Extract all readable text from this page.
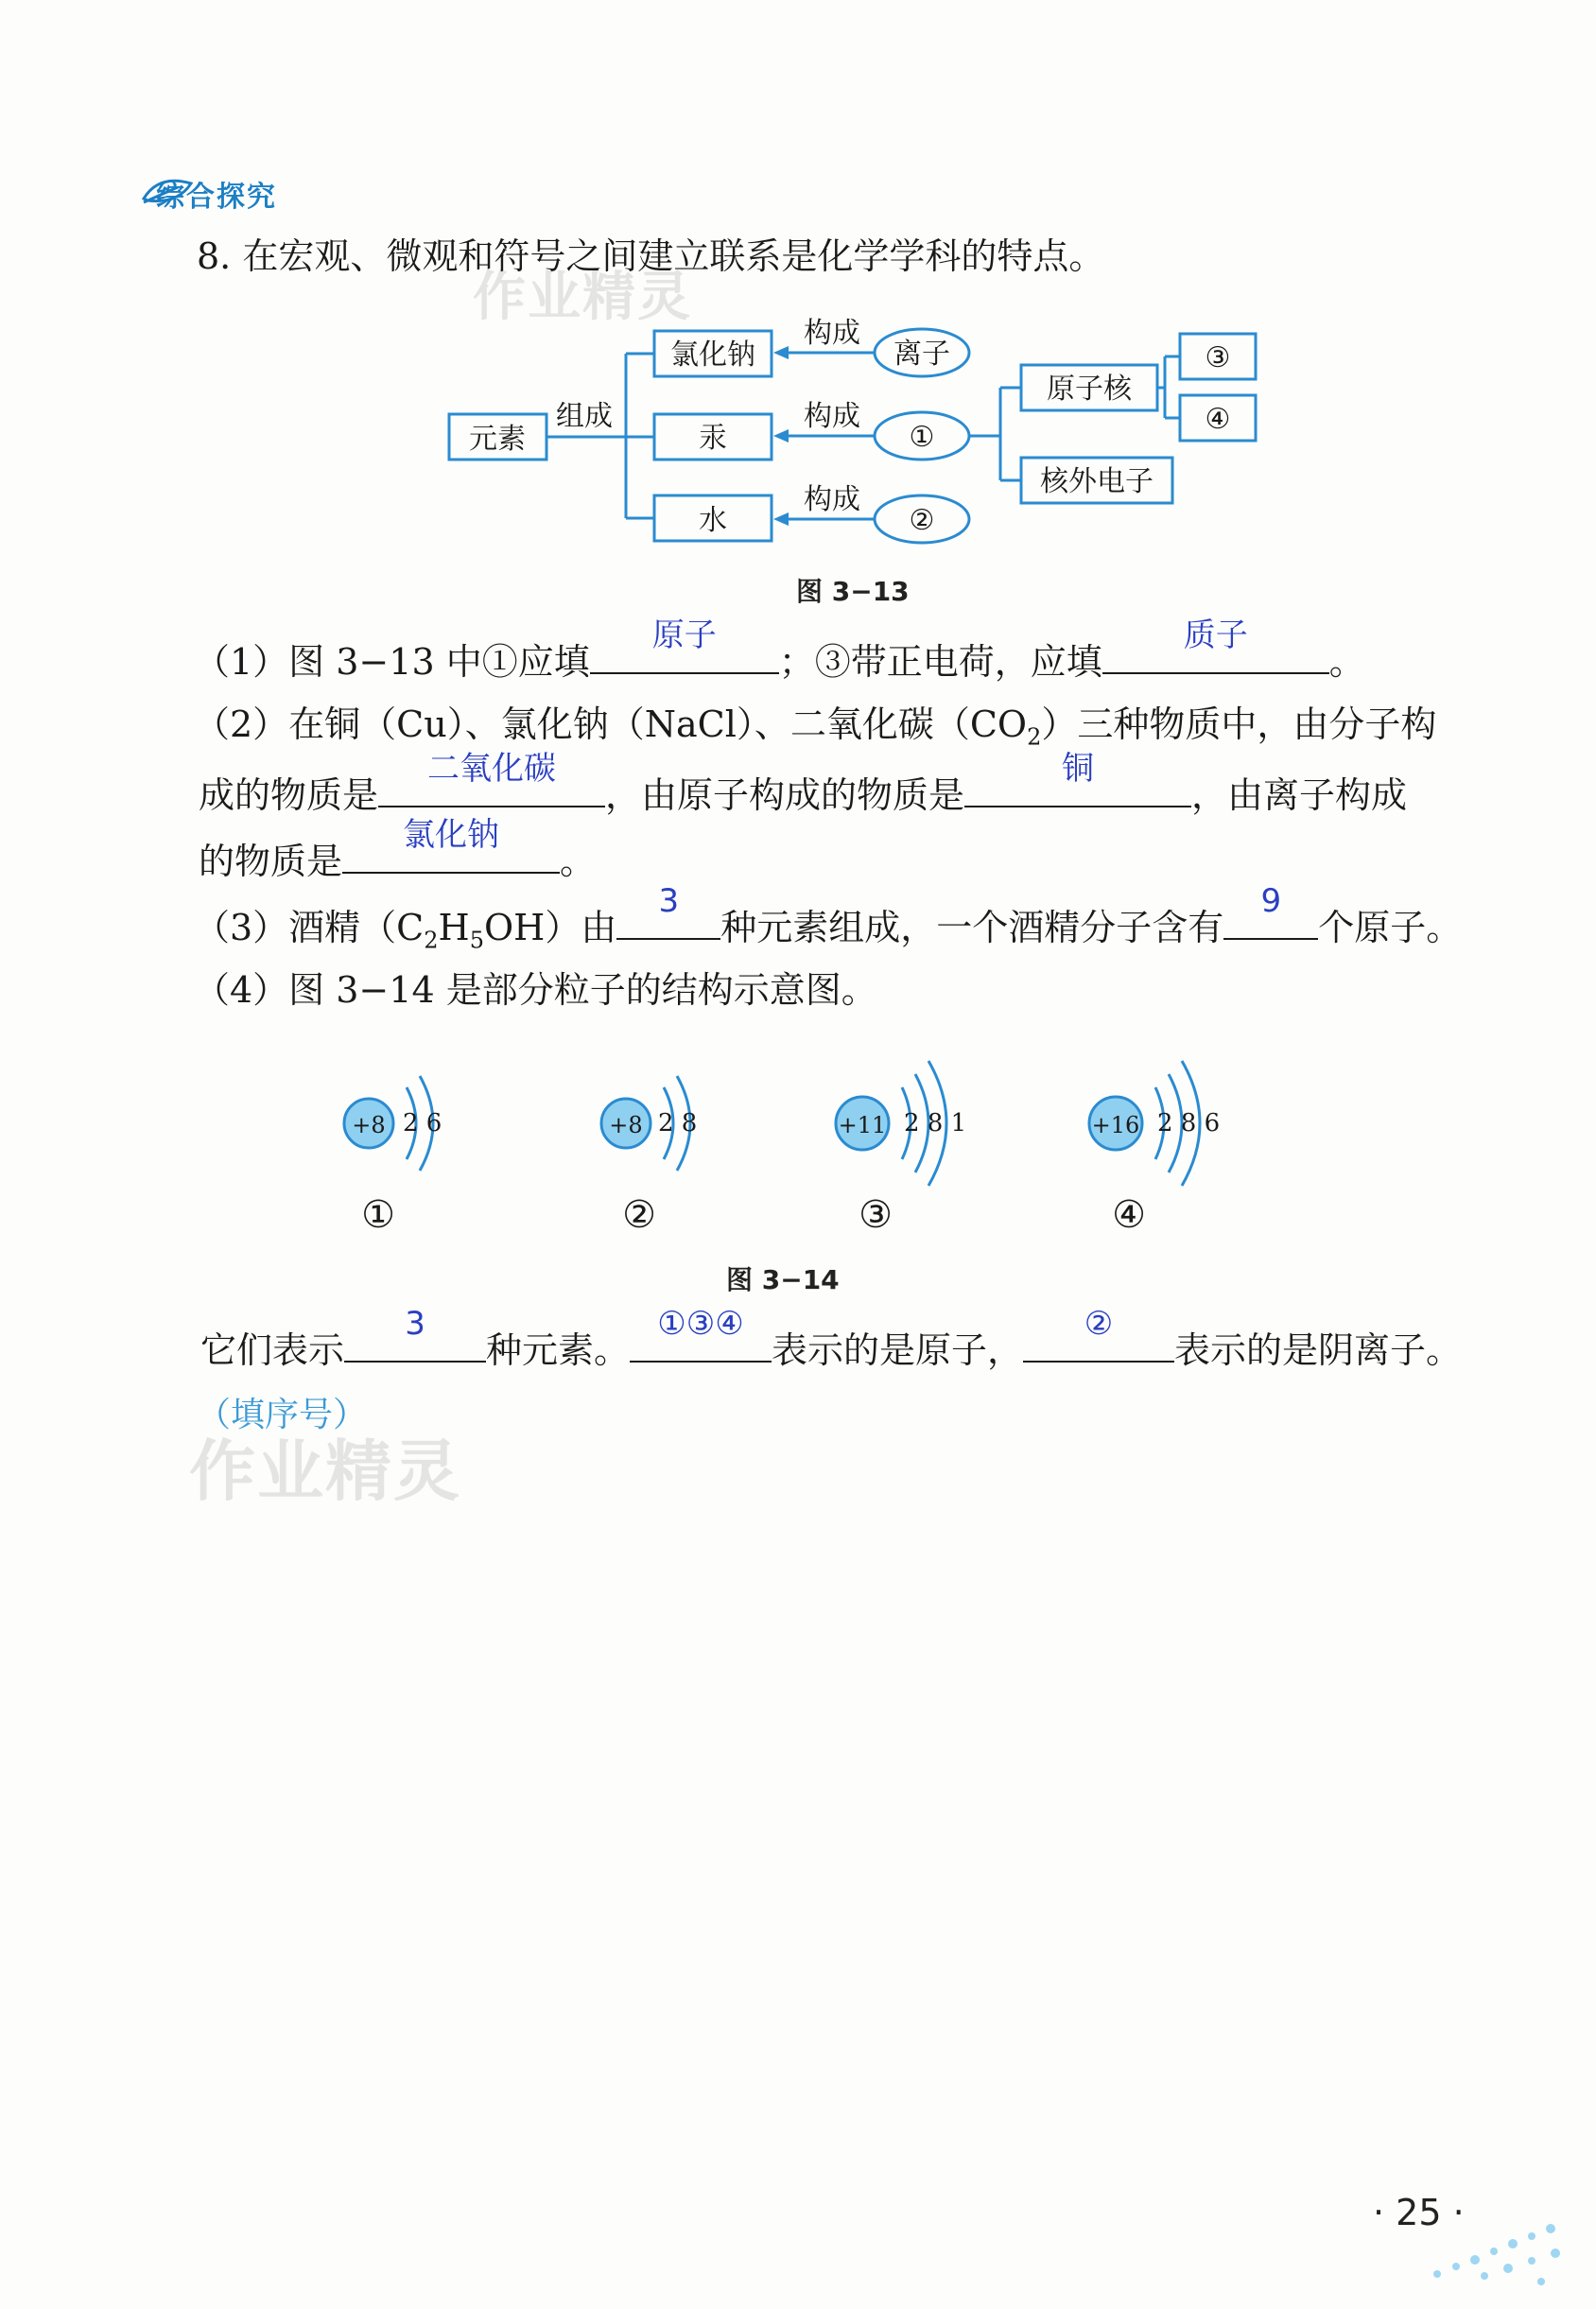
综合探究
作业精灵
作业精灵
8. 在宏观、微观和符号之间建立联系是化学学科的特点。
元素
组成
构成
构成
构成
氯化钠
汞
水
离子
①
②
原子核
核外电子
③
④
图 3−13
（1）图 3−13 中①应填
原子
；③带正电荷，应填
质子
。
（2）在铜（Cu）、氯化钠（NaCl）、二氧化碳$(CO_2)$三种物质中，由分子构
成的物质是
二氧化碳
，由原子构成的物质是
铜
，由离子构成
的物质是
氯化钠
。
（3）酒精$(C_2H_5OH)$由
3
种元素组成，一个酒精分子含有
9
个原子。
（4）图 3−14 是部分粒子的结构示意图。
+8 2 6
①
+8 2 8
②
+11 2 8 1
③
+16 2 8 6
④
图 3−14
它们表示
3
种元素。
①③④
表示的是原子，
②
表示的是阴离子。
（填序号）
· 25 ·
